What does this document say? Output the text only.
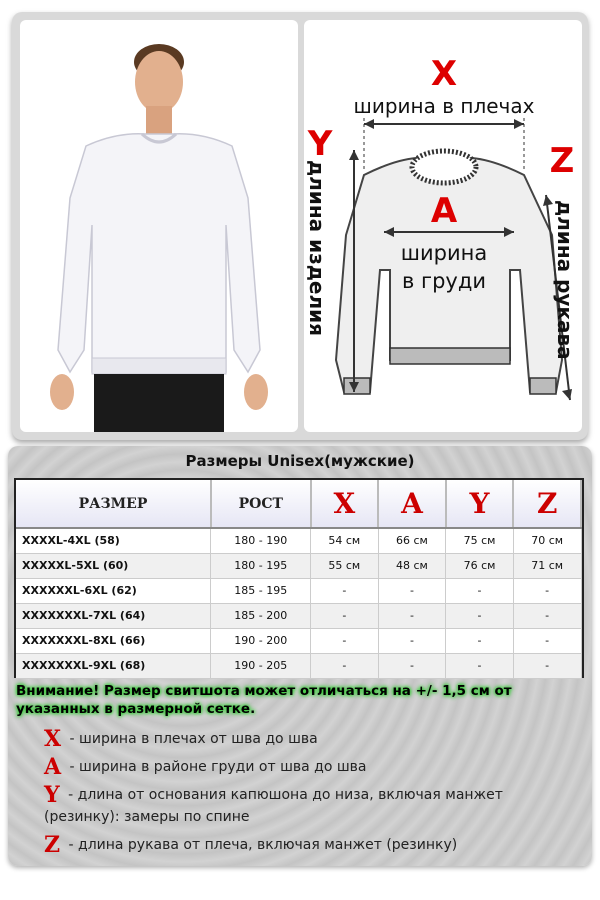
X
ширина в плечах
Y
длина изделия	Z
длина рукава
A
ширина
в груди
Размеры Unisex(мужские)
РАЗМЕР	РОСТ	X	A	Y	Z
XXXXL-4XL (58)	180 - 190	54 см	66 см	75 см	70 см
XXXXXL-5XL (60)	180 - 195	55 см	48 см	76 см	71 см
XXXXXXL-6XL (62)	185 - 195	-	-	-	-
XXXXXXXL-7XL (64)	185 - 200	-	-	-	-
XXXXXXXL-8XL (66)	190 - 200	-	-	-	-
XXXXXXXL-9XL (68)	190 - 205	-	-	-	-
Внимание! Размер свитшота может отличаться на +/- 1,5 см от указанных в размерной сетке.
X - ширина в плечах от шва до шва
A - ширина в районе груди от шва до шва
Y - длина от основания капюшона до низа, включая манжет (резинку): замеры по спине
Z - длина рукава от плеча, включая манжет (резинку)
